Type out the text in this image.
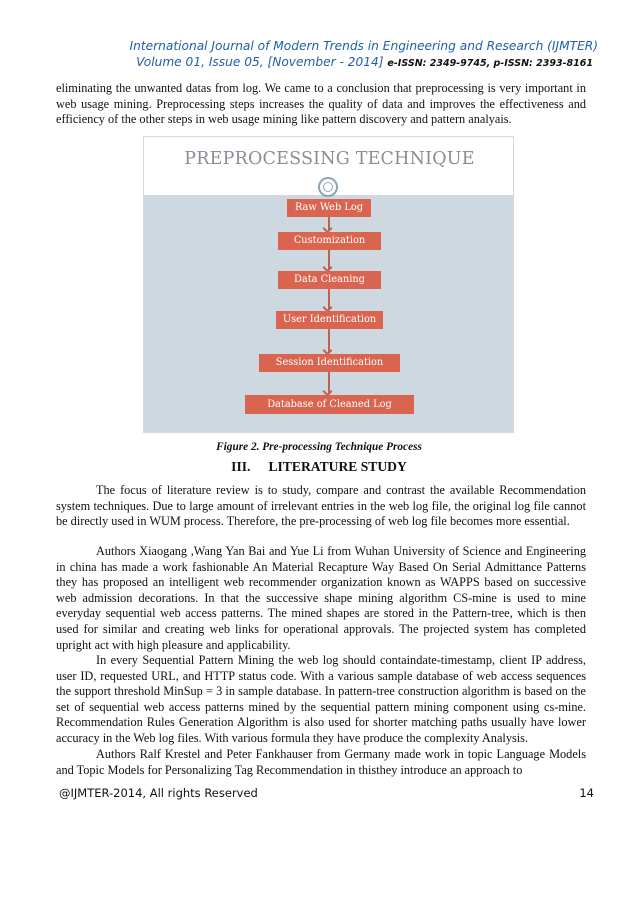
International Journal of Modern Trends in Engineering and Research (IJMTER)
Volume 01, Issue 05, [November - 2014] e-ISSN: 2349-9745, p-ISSN: 2393-8161

eliminating the unwanted datas from log. We came to a conclusion that preprocessing is very important in web usage mining. Preprocessing steps increases the quality of data and improves the effectiveness and efficiency of the other steps in web usage mining like pattern discovery and pattern analyais.

PREPROCESSING TECHNIQUE
Raw Web Log
Customization
Data Cleaning
User Identification
Session Identification
Database of Cleaned Log
Figure 2. Pre-processing Technique Process
III. LITERATURE STUDY

The focus of literature review is to study, compare and contrast the available Recommendation system techniques. Due to large amount of irrelevant entries in the web log file, the original log file cannot be directly used in WUM process. Therefore, the pre-processing of web log file becomes more essential.

Authors Xiaogang ,Wang Yan Bai and Yue Li from Wuhan University of Science and Engineering in china has made a work fashionable An Material Recapture Way Based On Serial Admittance Patterns they has proposed an intelligent web recommender organization known as WAPPS based on successive web admission decorations. In that the successive shape mining algorithm CS-mine is used to mine everyday sequential web access patterns. The mined shapes are stored in the Pattern-tree, which is then used for similar and creating web links for operational approvals. The projected system has completed upright act with high pleasure and applicability.

In every Sequential Pattern Mining the web log should containdate-timestamp, client IP address, user ID, requested URL, and HTTP status code. With a various sample database of web access sequences the support threshold MinSup = 3 in sample database. In pattern-tree construction algorithm is based on the set of sequential web access patterns mined by the sequential pattern mining component using cs-mine. Recommendation Rules Generation Algorithm is also used for shorter matching paths usually have lower accuracy in the Web log files. With various formula they have produce the complexity Analysis.

Authors Ralf Krestel and Peter Fankhauser from Germany made work in topic Language Models and Topic Models for Personalizing Tag Recommendation in thisthey introduce an approach to

@IJMTER-2014, All rights Reserved	14
